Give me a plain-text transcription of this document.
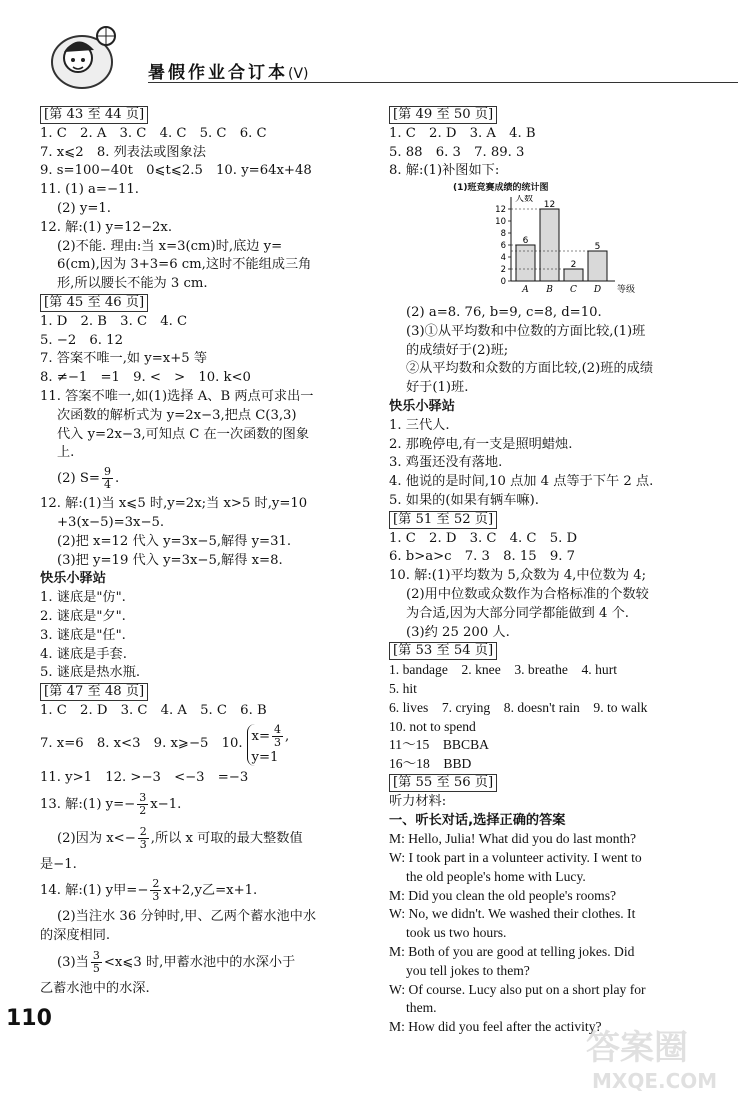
暑假作业合订本(V)
[第 43 至 44 页]
1. C　2. A　3. C　4. C　5. C　6. C
7. x⩽2　8. 列表法或图象法
9. s=100−40t　0⩽t⩽2.5　10. y=64x+48
11. (1) a=−11.
(2) y=1.
12. 解:(1) y=12−2x.
(2)不能. 理由:当 x=3(cm)时,底边 y=
6(cm),因为 3+3=6 cm,这时不能组成三角
形,所以腰长不能为 3 cm.
[第 45 至 46 页]
1. D　2. B　3. C　4. C
5. −2　6. 12
7. 答案不唯一,如 y=x+5 等
8. ≠−1　=1　9. <　>　10. k<0
11. 答案不唯一,如(1)选择 A、B 两点可求出一
次函数的解析式为 y=2x−3,把点 C(3,3)
代入 y=2x−3,可知点 C 在一次函数的图象
上.
(2) $S= \frac{9}{4}$ .
12. 解:(1)当 x⩽5 时,y=2x;当 x>5 时,y=10
+3(x−5)=3x−5.
(2)把 x=12 代入 y=3x−5,解得 y=31.
(3)把 y=19 代入 y=3x−5,解得 x=8.
快乐小驿站
1. 谜底是"仿".
2. 谜底是"夕".
3. 谜底是"任".
4. 谜底是手套.
5. 谜底是热水瓶.
[第 47 至 48 页]
1. C　2. D　3. C　4. A　5. C　6. B
7. x=6　8. x<3　9. x⩾−5　10.
$x= \frac{4}{3}$ ,
y=1
11. y>1　12. >−3　<−3　=−3
13. 解:(1) $y=- \frac{3}{2} x-1$.
(2)因为 $x<- \frac{2}{3}$ ,所以 x 可取的最大整数值
是−1.
14. 解:(1) y甲=− $\frac{2}{3} x+2,y$乙=x+1.
(2)当注水 36 分钟时,甲、乙两个蓄水池中水
的深度相同.
(3)当 $\frac{3}{5}$ <x⩽3 时,甲蓄水池中的水深小于
乙蓄水池中的水深.
[第 49 至 50 页]
1. C　2. D　3. A　4. B
5. 88　6. 3　7. 89. 3
8. 解:(1)补图如下:
(1)班竞赛成绩的统计图
人数
等级
0
2
4
6
8
10
12
6
A
12
B
2
C
5
D
(2) a=8. 76, b=9, c=8, d=10.
(3)①从平均数和中位数的方面比较,(1)班
的成绩好于(2)班;
②从平均数和众数的方面比较,(2)班的成绩
好于(1)班.
快乐小驿站
1. 三代人.
2. 那晚停电,有一支是照明蜡烛.
3. 鸡蛋还没有落地.
4. 他说的是时间,10 点加 4 点等于下午 2 点.
5. 如果的(如果有辆车嘛).
[第 51 至 52 页]
1. C　2. D　3. C　4. C　5. D
6. b>a>c　7. 3　8. 15　9. 7
10. 解:(1)平均数为 5,众数为 4,中位数为 4;
(2)用中位数或众数作为合格标准的个数较
为合适,因为大部分同学都能做到 4 个.
(3)约 25 200 人.
[第 53 至 54 页]
1. bandage　2. knee　3. breathe　4. hurt
5. hit
6. lives　7. crying　8. doesn't rain　9. to walk
10. not to spend
11～15　BBCBA
16～18　BBD
[第 55 至 56 页]
听力材料:
一、听长对话,选择正确的答案
M: Hello, Julia! What did you do last month?
W: I took part in a volunteer activity. I went to
the old people's home with Lucy.
M: Did you clean the old people's rooms?
W: No, we didn't. We washed their clothes. It
took us two hours.
M: Both of you are good at telling jokes. Did
you tell jokes to them?
W: Of course. Lucy also put on a short play for
them.
M: How did you feel after the activity?
110
答案圈
MXQE.COM
